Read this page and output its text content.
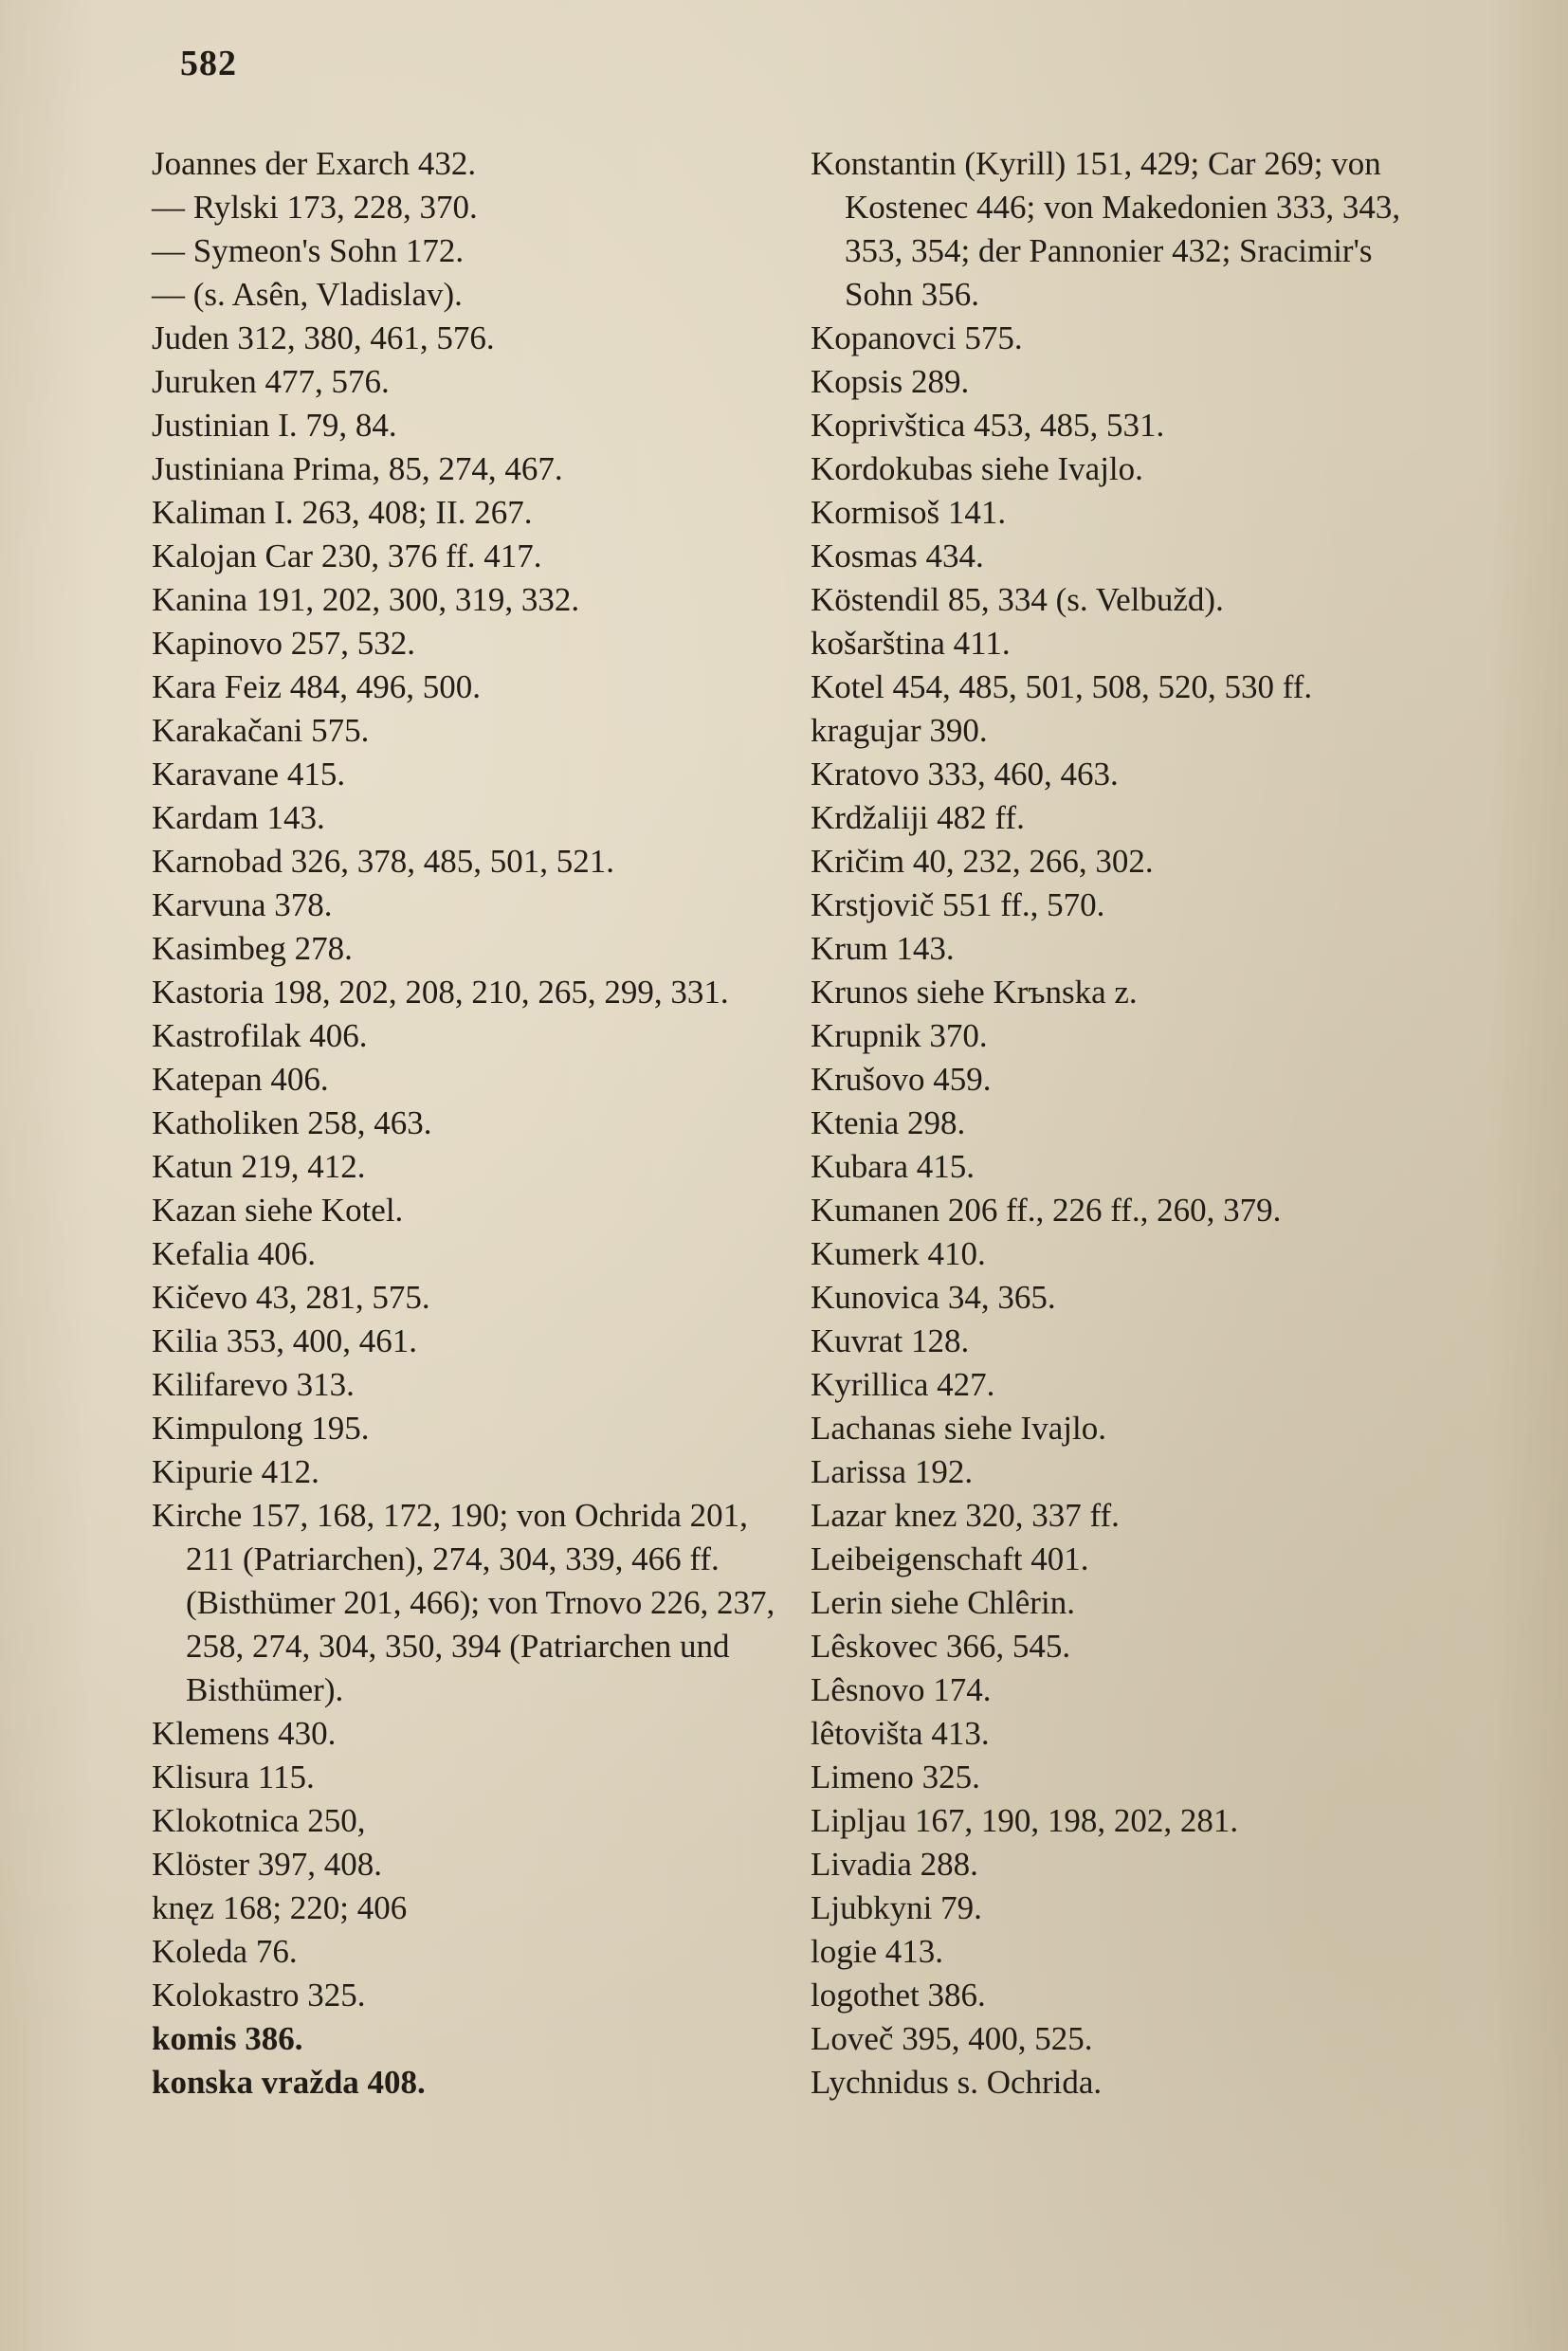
582
Joannes der Exarch 432.
— Rylski 173, 228, 370.
— Symeon's Sohn 172.
— (s. Asên, Vladislav).
Juden 312, 380, 461, 576.
Juruken 477, 576.
Justinian I. 79, 84.
Justiniana Prima, 85, 274, 467.
Kaliman I. 263, 408; II. 267.
Kalojan Car 230, 376 ff. 417.
Kanina 191, 202, 300, 319, 332.
Kapinovo 257, 532.
Kara Feiz 484, 496, 500.
Karakačani 575.
Karavane 415.
Kardam 143.
Karnobad 326, 378, 485, 501, 521.
Karvuna 378.
Kasimbeg 278.
Kastoria 198, 202, 208, 210, 265, 299, 331.
Kastrofilak 406.
Katepan 406.
Katholiken 258, 463.
Katun 219, 412.
Kazan siehe Kotel.
Kefalia 406.
Kičevo 43, 281, 575.
Kilia 353, 400, 461.
Kilifarevo 313.
Kimpulong 195.
Kipurie 412.
Kirche 157, 168, 172, 190; von Ochrida 201, 211 (Patriarchen), 274, 304, 339, 466 ff. (Bisthümer 201, 466); von Trnovo 226, 237, 258, 274, 304, 350, 394 (Patriarchen und Bisthümer).
Klemens 430.
Klisura 115.
Klokotnica 250,
Klöster 397, 408.
knęz 168; 220; 406
Koleda 76.
Kolokastro 325.
komis 386.
konska vražda 408.
Konstantin (Kyrill) 151, 429; Car 269; von Kostenec 446; von Makedonien 333, 343, 353, 354; der Pannonier 432; Sracimir's Sohn 356.
Kopanovci 575.
Kopsis 289.
Koprivštica 453, 485, 531.
Kordokubas siehe Ivajlo.
Kormisoš 141.
Kosmas 434.
Köstendil 85, 334 (s. Velbužd).
košarština 411.
Kotel 454, 485, 501, 508, 520, 530 ff.
kragujar 390.
Kratovo 333, 460, 463.
Krdžaliji 482 ff.
Kričim 40, 232, 266, 302.
Krstjovič 551 ff., 570.
Krum 143.
Krunos siehe Krъnska z.
Krupnik 370.
Krušovo 459.
Ktenia 298.
Kubara 415.
Kumanen 206 ff., 226 ff., 260, 379.
Kumerk 410.
Kunovica 34, 365.
Kuvrat 128.
Kyrillica 427.
Lachanas siehe Ivajlo.
Larissa 192.
Lazar knez 320, 337 ff.
Leibeigenschaft 401.
Lerin siehe Chlêrin.
Lêskovec 366, 545.
Lêsnovo 174.
lêtovišta 413.
Limeno 325.
Lipljau 167, 190, 198, 202, 281.
Livadia 288.
Ljubkyni 79.
logie 413.
logothet 386.
Loveč 395, 400, 525.
Lychnidus s. Ochrida.
